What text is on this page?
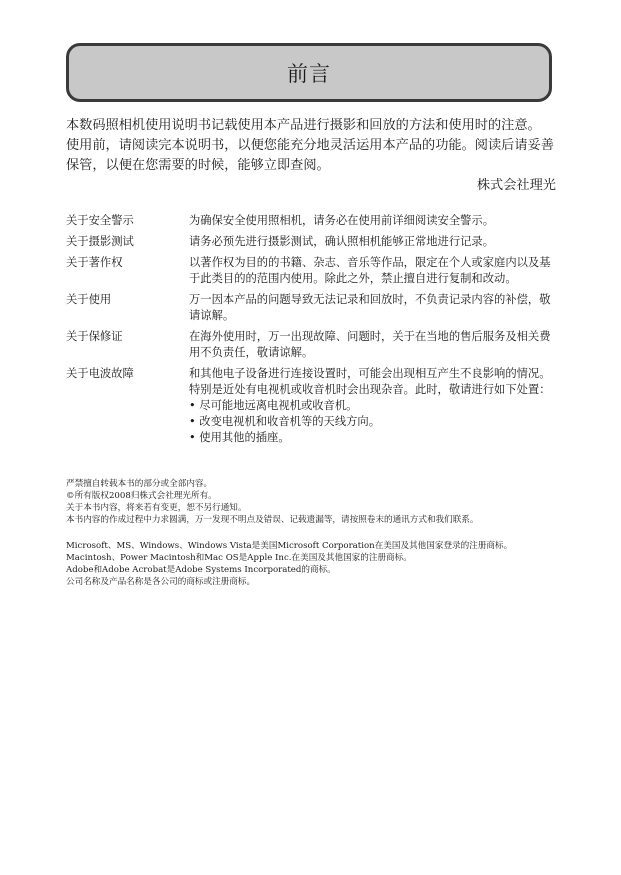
前言

本数码照相机使用说明书记载使用本产品进行摄影和回放的方法和使用时的注意。

使用前，请阅读完本说明书，以便您能充分地灵活运用本产品的功能。阅读后请妥善保管，以便在您需要的时候，能够立即查阅。

株式会社理光

关于安全警示	为确保安全使用照相机，请务必在使用前详细阅读安全警示。
关于摄影测试	请务必预先进行摄影测试，确认照相机能够正常地进行记录。
关于著作权	以著作权为目的的书籍、杂志、音乐等作品，限定在个人或家庭内以及基于此类目的的范围内使用。除此之外，禁止擅自进行复制和改动。
关于使用	万一因本产品的问题导致无法记录和回放时，不负责记录内容的补偿，敬请谅解。
关于保修证	在海外使用时，万一出现故障、问题时，关于在当地的售后服务及相关费用不负责任，敬请谅解。
关于电波故障	和其他电子设备进行连接设置时，可能会出现相互产生不良影响的情况。特别是近处有电视机或收音机时会出现杂音。此时，敬请进行如下处置：
• 尽可能地远离电视机或收音机。
• 改变电视机和收音机等的天线方向。
• 使用其他的插座。

严禁擅自转载本书的部分或全部内容。

©所有版权2008归株式会社理光所有。

关于本书内容，将来若有变更，恕不另行通知。

本书内容的作成过程中力求圆满，万一发现不明点及错误、记载遗漏等，请按照卷末的通讯方式和我们联系。

Microsoft、MS、Windows、Windows Vista是美国Microsoft Corporation在美国及其他国家登录的注册商标。

Macintosh、Power Macintosh和Mac OS是Apple Inc.在美国及其他国家的注册商标。

Adobe和Adobe Acrobat是Adobe Systems Incorporated的商标。

公司名称及产品名称是各公司的商标或注册商标。
